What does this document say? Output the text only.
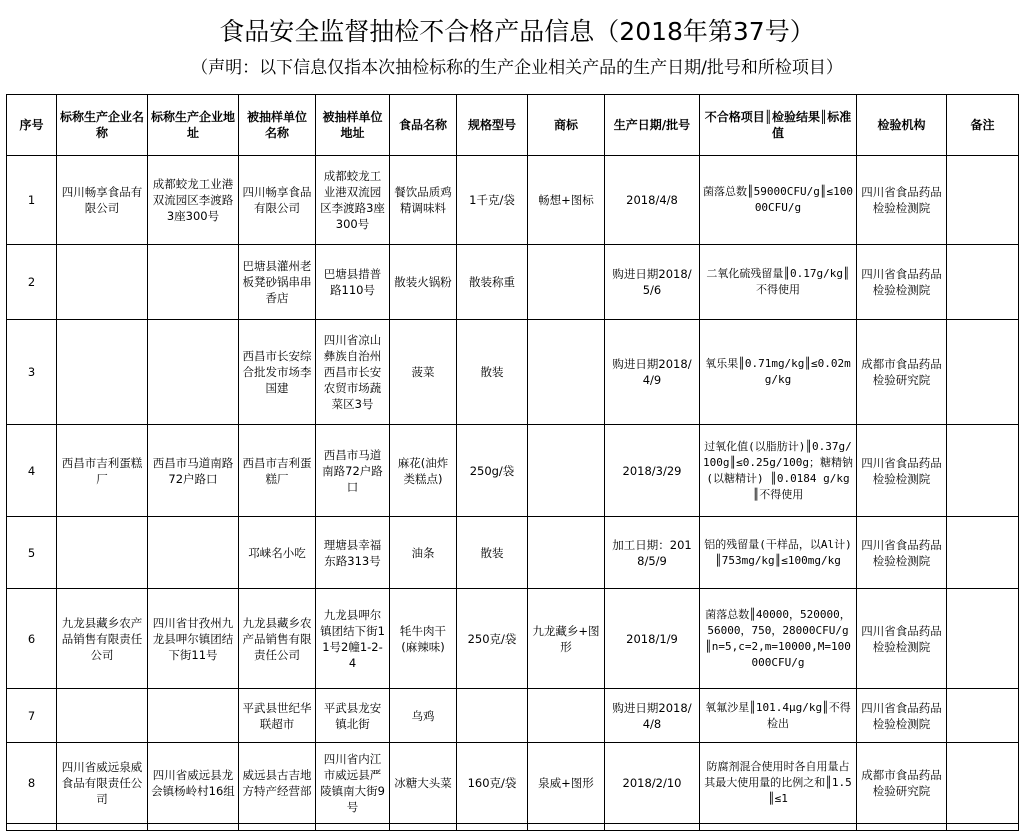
食品安全监督抽检不合格产品信息（2018年第37号）
（声明：以下信息仅指本次抽检标称的生产企业相关产品的生产日期/批号和所检项目）
序号	标称生产企业名称	标称生产企业地址	被抽样单位名称	被抽样单位地址	食品名称	规格型号	商标	生产日期/批号	不合格项目║检验结果║标准值	检验机构	备注
1	四川畅享食品有限公司	成都蛟龙工业港双流园区李渡路3座300号	四川畅享食品有限公司	成都蛟龙工业港双流园区李渡路3座300号	餐饮品质鸡精调味料	1千克/袋	畅想+图标	2018/4/8	菌落总数║59000CFU/g║≤10000CFU/g	四川省食品药品检验检测院	
2			巴塘县灌州老板凳砂锅串串香店	巴塘县措普路110号	散装火锅粉	散装称重		购进日期2018/5/6	二氧化硫残留量║0.17g/kg║不得使用	四川省食品药品检验检测院	
3			西昌市长安综合批发市场李国建	四川省凉山彝族自治州西昌市长安农贸市场蔬菜区3号	菠菜	散装		购进日期2018/4/9	氧乐果║0.71mg/kg║≤0.02mg/kg	成都市食品药品检验研究院	
4	西昌市吉利蛋糕厂	西昌市马道南路72户路口	西昌市吉利蛋糕厂	西昌市马道南路72户路口	麻花(油炸类糕点)	250g/袋		2018/3/29	过氧化值(以脂肪计)║0.37g/100g║≤0.25g/100g；糖精钠(以糖精计) ║0.0184 g/kg ║不得使用	四川省食品药品检验检测院	
5			邛崃名小吃	理塘县幸福东路313号	油条	散装		加工日期：2018/5/9	铝的残留量(干样品，以Al计)║753mg/kg║≤100mg/kg	四川省食品药品检验检测院	
6	九龙县藏乡农产品销售有限责任公司	四川省甘孜州九龙县呷尔镇团结下街11号	九龙县藏乡农产品销售有限责任公司	九龙县呷尔镇团结下街11号2幢1-2-4	牦牛肉干(麻辣味)	250克/袋	九龙藏乡+图形	2018/1/9	菌落总数║40000，520000，56000，750，28000CFU/g ║n=5,c=2,m=10000,M=100000CFU/g	四川省食品药品检验检测院	
7			平武县世纪华联超市	平武县龙安镇北街	乌鸡			购进日期2018/4/8	氧氟沙星║101.4μg/kg║不得检出	四川省食品药品检验检测院	
8	四川省威远泉威食品有限责任公司	四川省威远县龙会镇杨岭村16组	威远县古吉地方特产经营部	四川省内江市威远县严陵镇南大街9号	冰糖大头菜	160克/袋	泉威+图形	2018/2/10	防腐剂混合使用时各自用量占其最大使用量的比例之和║1.5║≤1	成都市食品药品检验研究院	
